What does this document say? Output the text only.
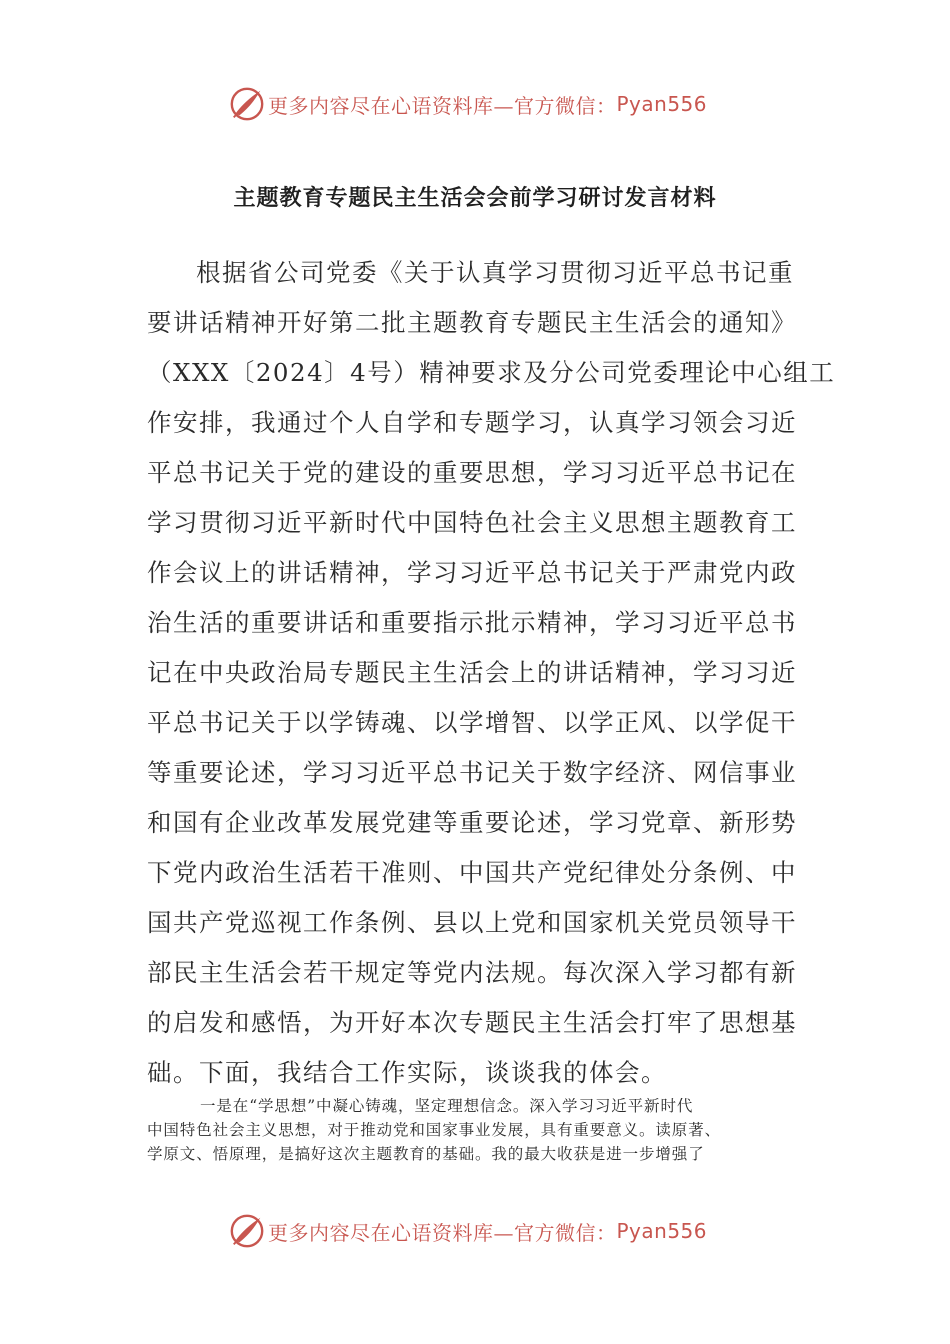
更多内容尽在心语资料库—官方微信： Pyan556
主题教育专题民主生活会会前学习研讨发言材料
根据省公司党委《关于认真学习贯彻习近平总书记重
要讲话精神开好第二批主题教育专题民主生活会的通知》
（XXX〔2024〕4号）精神要求及分公司党委理论中心组工
作安排，我通过个人自学和专题学习，认真学习领会习近
平总书记关于党的建设的重要思想，学习习近平总书记在
学习贯彻习近平新时代中国特色社会主义思想主题教育工
作会议上的讲话精神，学习习近平总书记关于严肃党内政
治生活的重要讲话和重要指示批示精神，学习习近平总书
记在中央政治局专题民主生活会上的讲话精神，学习习近
平总书记关于以学铸魂、以学增智、以学正风、以学促干
等重要论述，学习习近平总书记关于数字经济、网信事业
和国有企业改革发展党建等重要论述，学习党章、新形势
下党内政治生活若干准则、中国共产党纪律处分条例、中
国共产党巡视工作条例、县以上党和国家机关党员领导干
部民主生活会若干规定等党内法规。每次深入学习都有新
的启发和感悟，为开好本次专题民主生活会打牢了思想基
础。下面，我结合工作实际，谈谈我的体会。
一是在“学思想”中凝心铸魂，坚定理想信念。深入学习习近平新时代
中国特色社会主义思想，对于推动党和国家事业发展，具有重要意义。读原著、
学原文、悟原理，是搞好这次主题教育的基础。我的最大收获是进一步增强了
更多内容尽在心语资料库—官方微信： Pyan556
